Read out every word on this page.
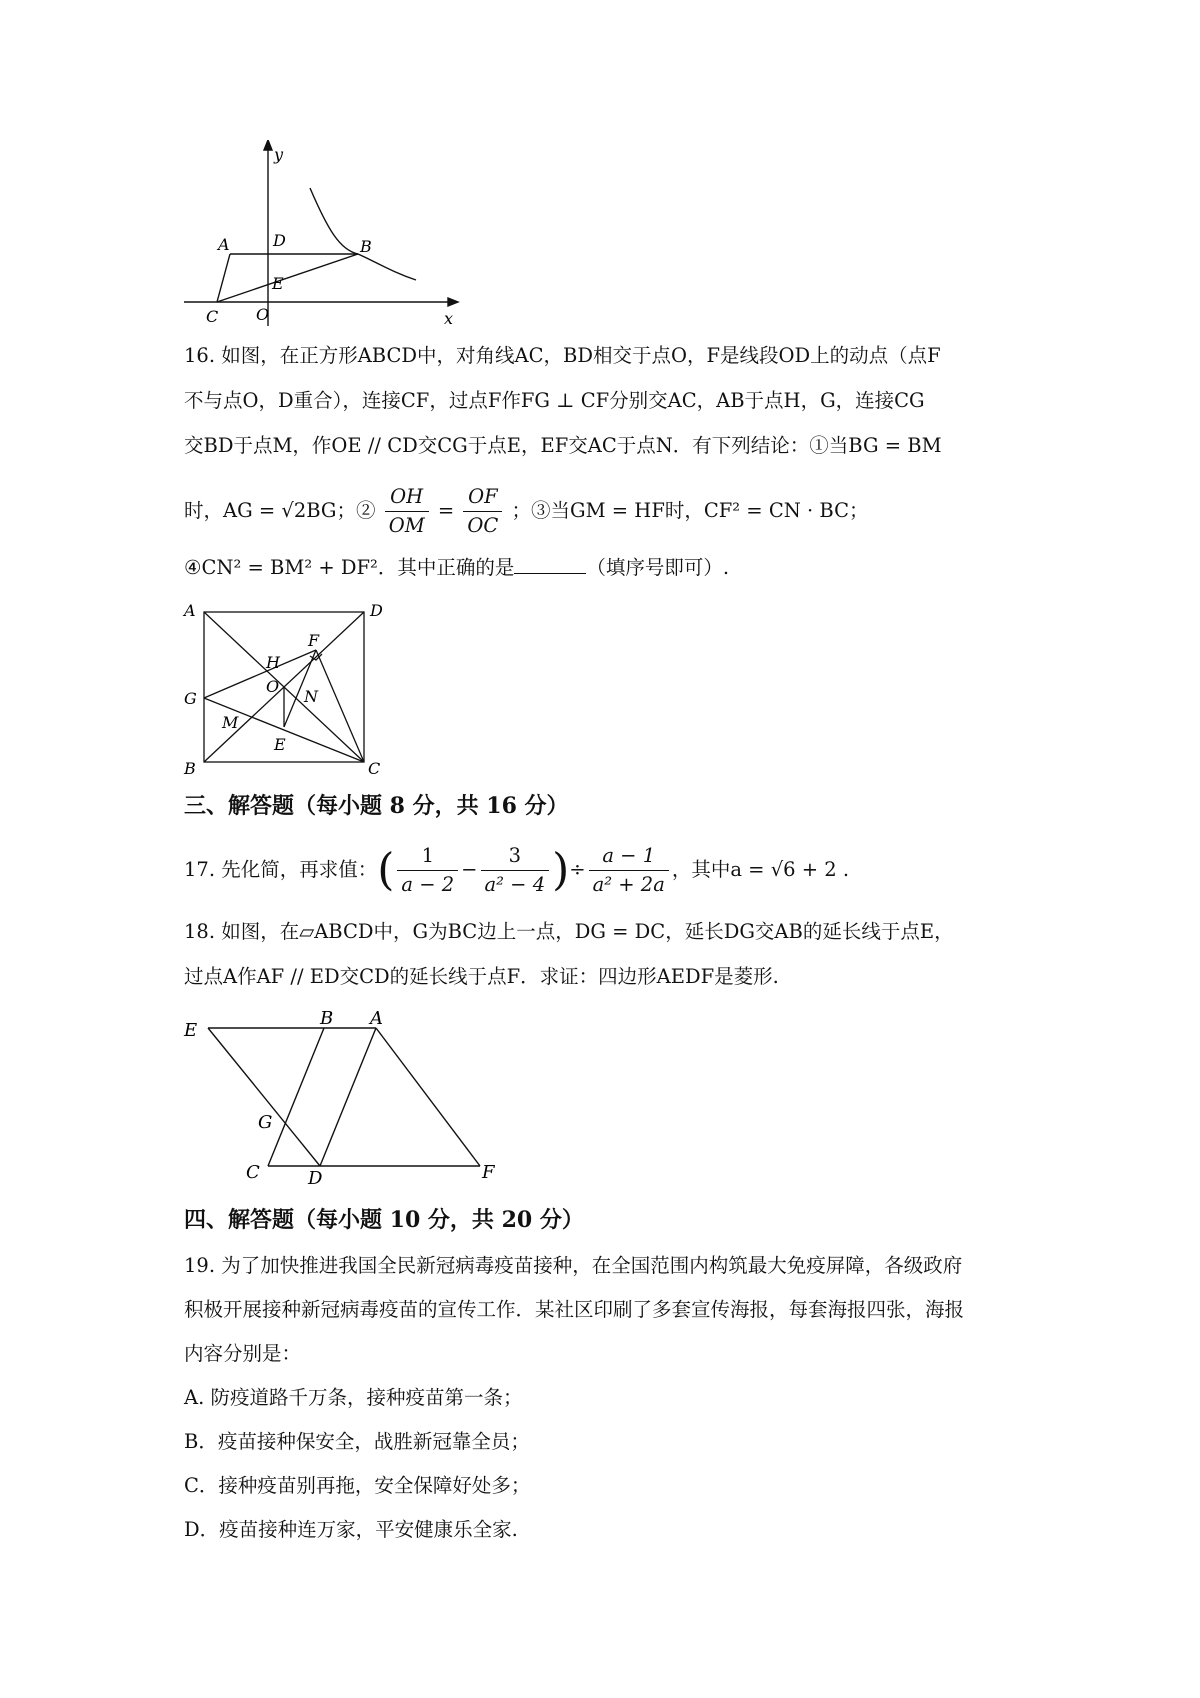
y
x
A	D	B
E
C O
16. 如图，在正方形ABCD中，对角线AC，BD相交于点O，F是线段OD上的动点（点F
不与点O，D重合），连接CF，过点F作FG ⊥ CF分别交AC，AB于点H，G，连接CG
交BD于点M，作OE // CD交CG于点E，EF交AC于点N．有下列结论：①当BG = BM
时，AG = √2BG；② $\frac{OH}{OM} = \frac{OF}{OC}$ ；③当GM = HF时，CF² = CN · BC；
④CN² = BM² + DF²．其中正确的是	（填序号即可）.
A	D
F
H
O
G	N
M
E
B	C
三、解答题（每小题 8 分，共 16 分）
17. 先化简，再求值：( $\frac{1}{a - 2} - \frac{3}{\text{a² − 4}}$ )÷ $\frac{a - 1}{\text{a² + 2a}}$ ，其中a = √6 + 2 .
18. 如图，在▱ABCD中，G为BC边上一点，DG = DC，延长DG交AB的延长线于点E，
过点A作AF // ED交CD的延长线于点F．求证：四边形AEDF是菱形.
E
B A
G
C	D	F
四、解答题（每小题 10 分，共 20 分）
19. 为了加快推进我国全民新冠病毒疫苗接种，在全国范围内构筑最大免疫屏障，各级政府
积极开展接种新冠病毒疫苗的宣传工作．某社区印刷了多套宣传海报，每套海报四张，海报
内容分别是：
A. 防疫道路千万条，接种疫苗第一条；
B．疫苗接种保安全，战胜新冠靠全员；
C．接种疫苗别再拖，安全保障好处多；
D．疫苗接种连万家，平安健康乐全家.
